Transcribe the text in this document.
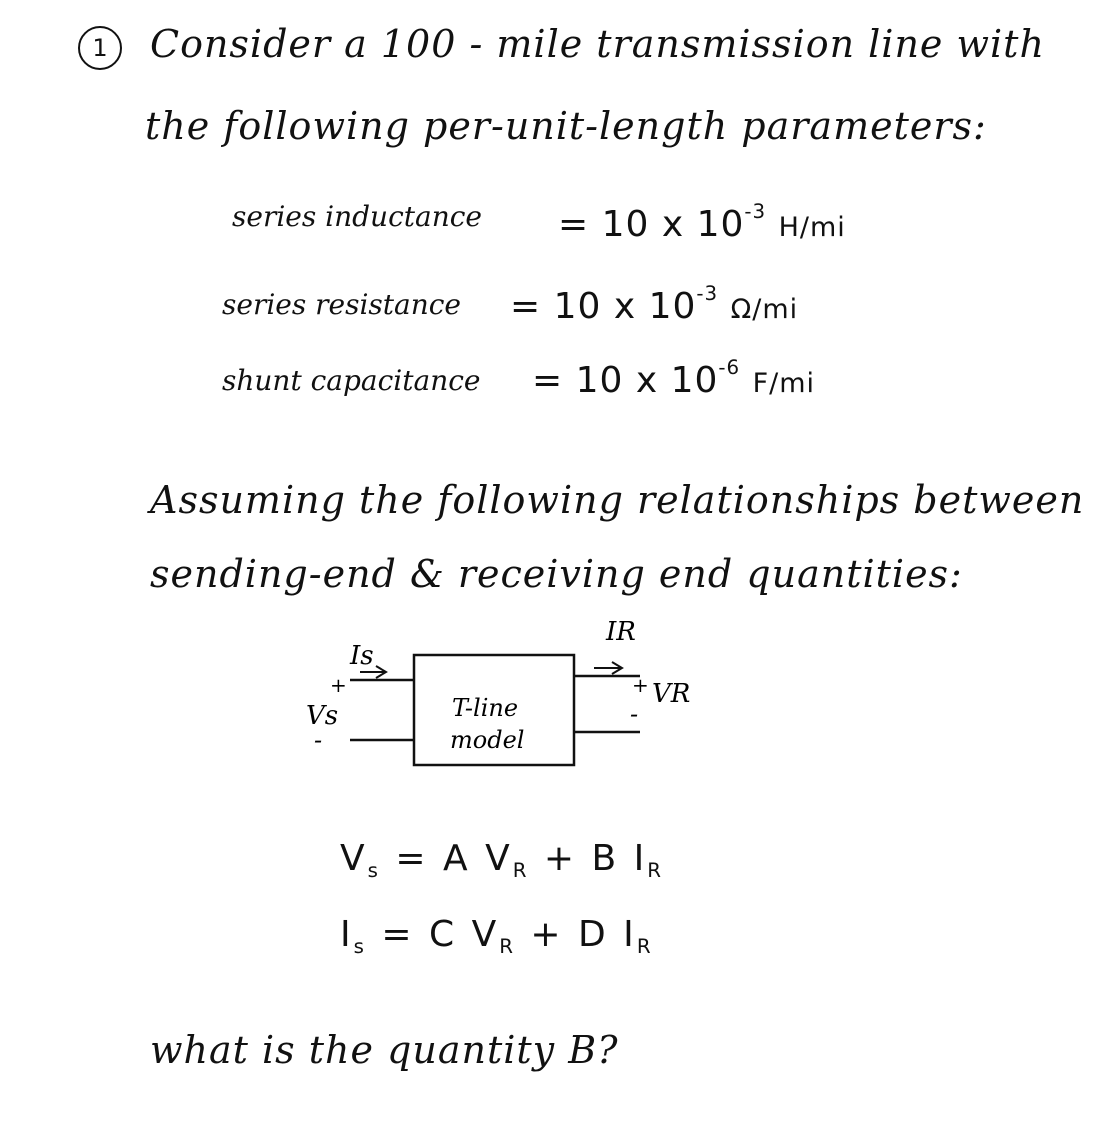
1	Consider a 100 - mile transmission line with
the following per-unit-length parameters:
series inductance = 10 x $10^{-3}$ H/mi
series resistance = 10 x $10^{-3}$ Ω/mi
shunt capacitance = 10 x $10^{-6}$ F/mi
Assuming the following relationships between
sending-end & receiving end quantities:
Is
IR
Vs
VR
+
-
+
-
T-line
model
$V_s = A$ $V_R + B$ $I_R$
$I_s = C$ $V_R + D$ $I_R$
what is the quantity B?
